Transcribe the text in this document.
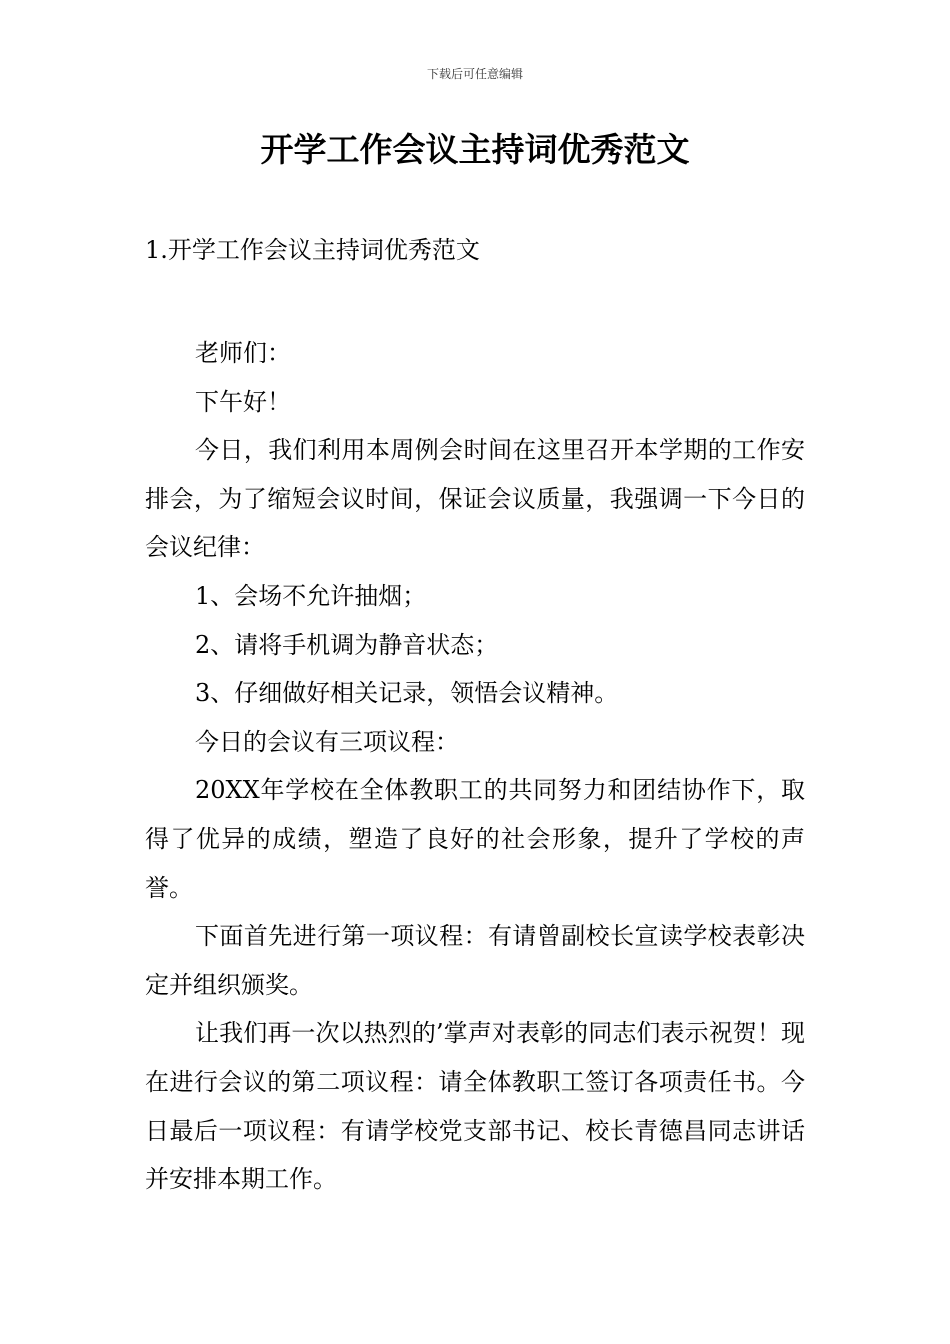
下载后可任意编辑
开学工作会议主持词优秀范文
1.开学工作会议主持词优秀范文

老师们：

下午好！

今日，我们利用本周例会时间在这里召开本学期的工作安排会，为了缩短会议时间，保证会议质量，我强调一下今日的会议纪律：

1、会场不允许抽烟；

2、请将手机调为静音状态；

3、仔细做好相关记录，领悟会议精神。

今日的会议有三项议程：

20XX年学校在全体教职工的共同努力和团结协作下，取得了优异的成绩，塑造了良好的社会形象，提升了学校的声誉。

下面首先进行第一项议程：有请曾副校长宣读学校表彰决定并组织颁奖。

让我们再一次以热烈的’掌声对表彰的同志们表示祝贺！现在进行会议的第二项议程：请全体教职工签订各项责任书。今日最后一项议程：有请学校党支部书记、校长青德昌同志讲话并安排本期工作。
